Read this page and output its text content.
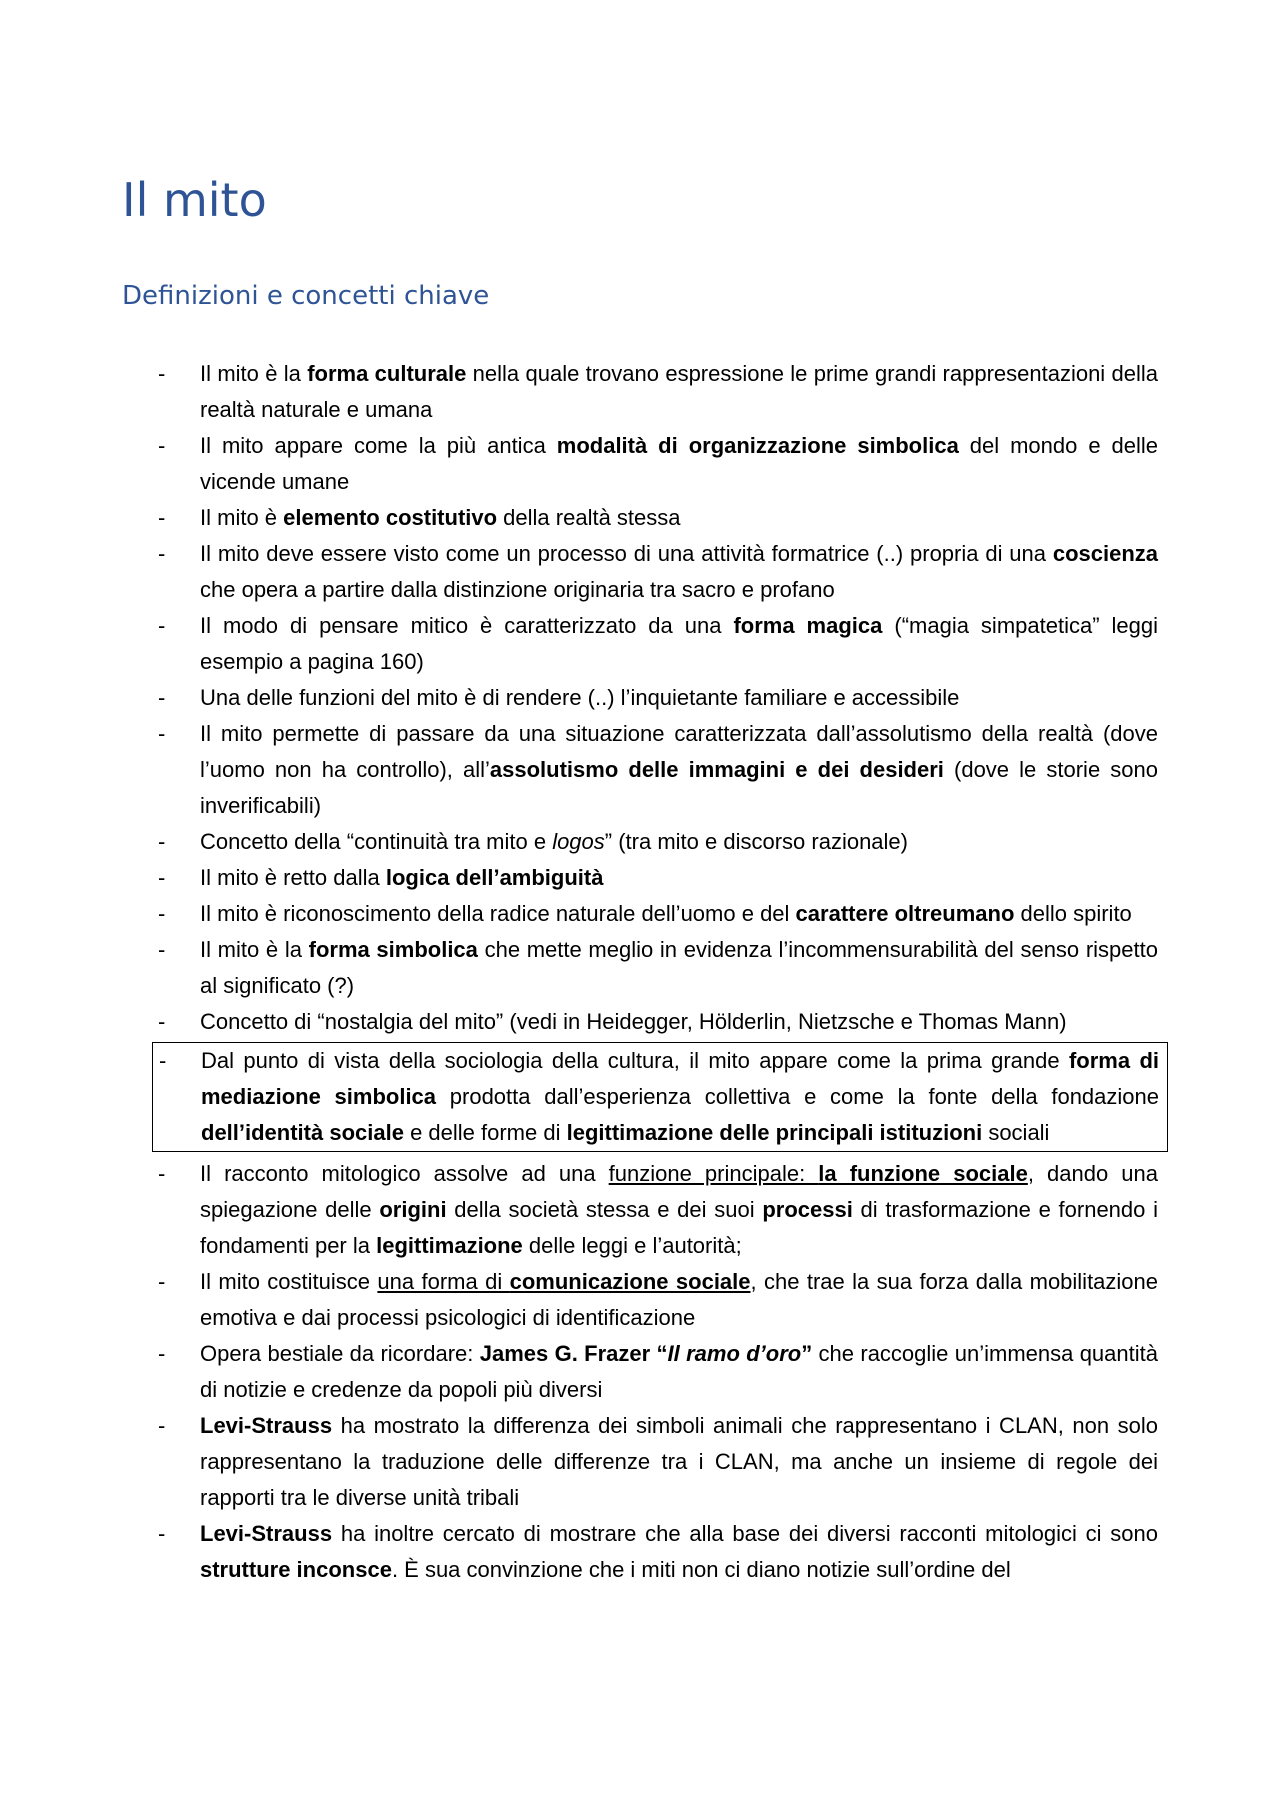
Il mito
Definizioni e concetti chiave
- Il mito è la forma culturale nella quale trovano espressione le prime grandi rappresentazioni della realtà naturale e umana
- Il mito appare come la più antica modalità di organizzazione simbolica del mondo e delle vicende umane
- Il mito è elemento costitutivo della realtà stessa
- Il mito deve essere visto come un processo di una attività formatrice (..) propria di una coscienza che opera a partire dalla distinzione originaria tra sacro e profano
- Il modo di pensare mitico è caratterizzato da una forma magica (“magia simpatetica” leggi esempio a pagina 160)
- Una delle funzioni del mito è di rendere (..) l’inquietante familiare e accessibile
- Il mito permette di passare da una situazione caratterizzata dall’assolutismo della realtà (dove l’uomo non ha controllo), all’assolutismo delle immagini e dei desideri (dove le storie sono inverificabili)
- Concetto della “continuità tra mito e logos” (tra mito e discorso razionale)
- Il mito è retto dalla logica dell’ambiguità
- Il mito è riconoscimento della radice naturale dell’uomo e del carattere oltreumano dello spirito
- Il mito è la forma simbolica che mette meglio in evidenza l’incommensurabilità del senso rispetto al significato (?)
- Concetto di “nostalgia del mito” (vedi in Heidegger, Hölderlin, Nietzsche e Thomas Mann)
- Dal punto di vista della sociologia della cultura, il mito appare come la prima grande forma di mediazione simbolica prodotta dall’esperienza collettiva e come la fonte della fondazione dell’identità sociale e delle forme di legittimazione delle principali istituzioni sociali
- Il racconto mitologico assolve ad una funzione principale: la funzione sociale, dando una spiegazione delle origini della società stessa e dei suoi processi di trasformazione e fornendo i fondamenti per la legittimazione delle leggi e l’autorità;
- Il mito costituisce una forma di comunicazione sociale, che trae la sua forza dalla mobilitazione emotiva e dai processi psicologici di identificazione
- Opera bestiale da ricordare: James G. Frazer “Il ramo d’oro” che raccoglie un’immensa quantità di notizie e credenze da popoli più diversi
- Levi-Strauss ha mostrato la differenza dei simboli animali che rappresentano i CLAN, non solo rappresentano la traduzione delle differenze tra i CLAN, ma anche un insieme di regole dei rapporti tra le diverse unità tribali
- Levi-Strauss ha inoltre cercato di mostrare che alla base dei diversi racconti mitologici ci sono strutture inconsce. È sua convinzione che i miti non ci diano notizie sull’ordine del
